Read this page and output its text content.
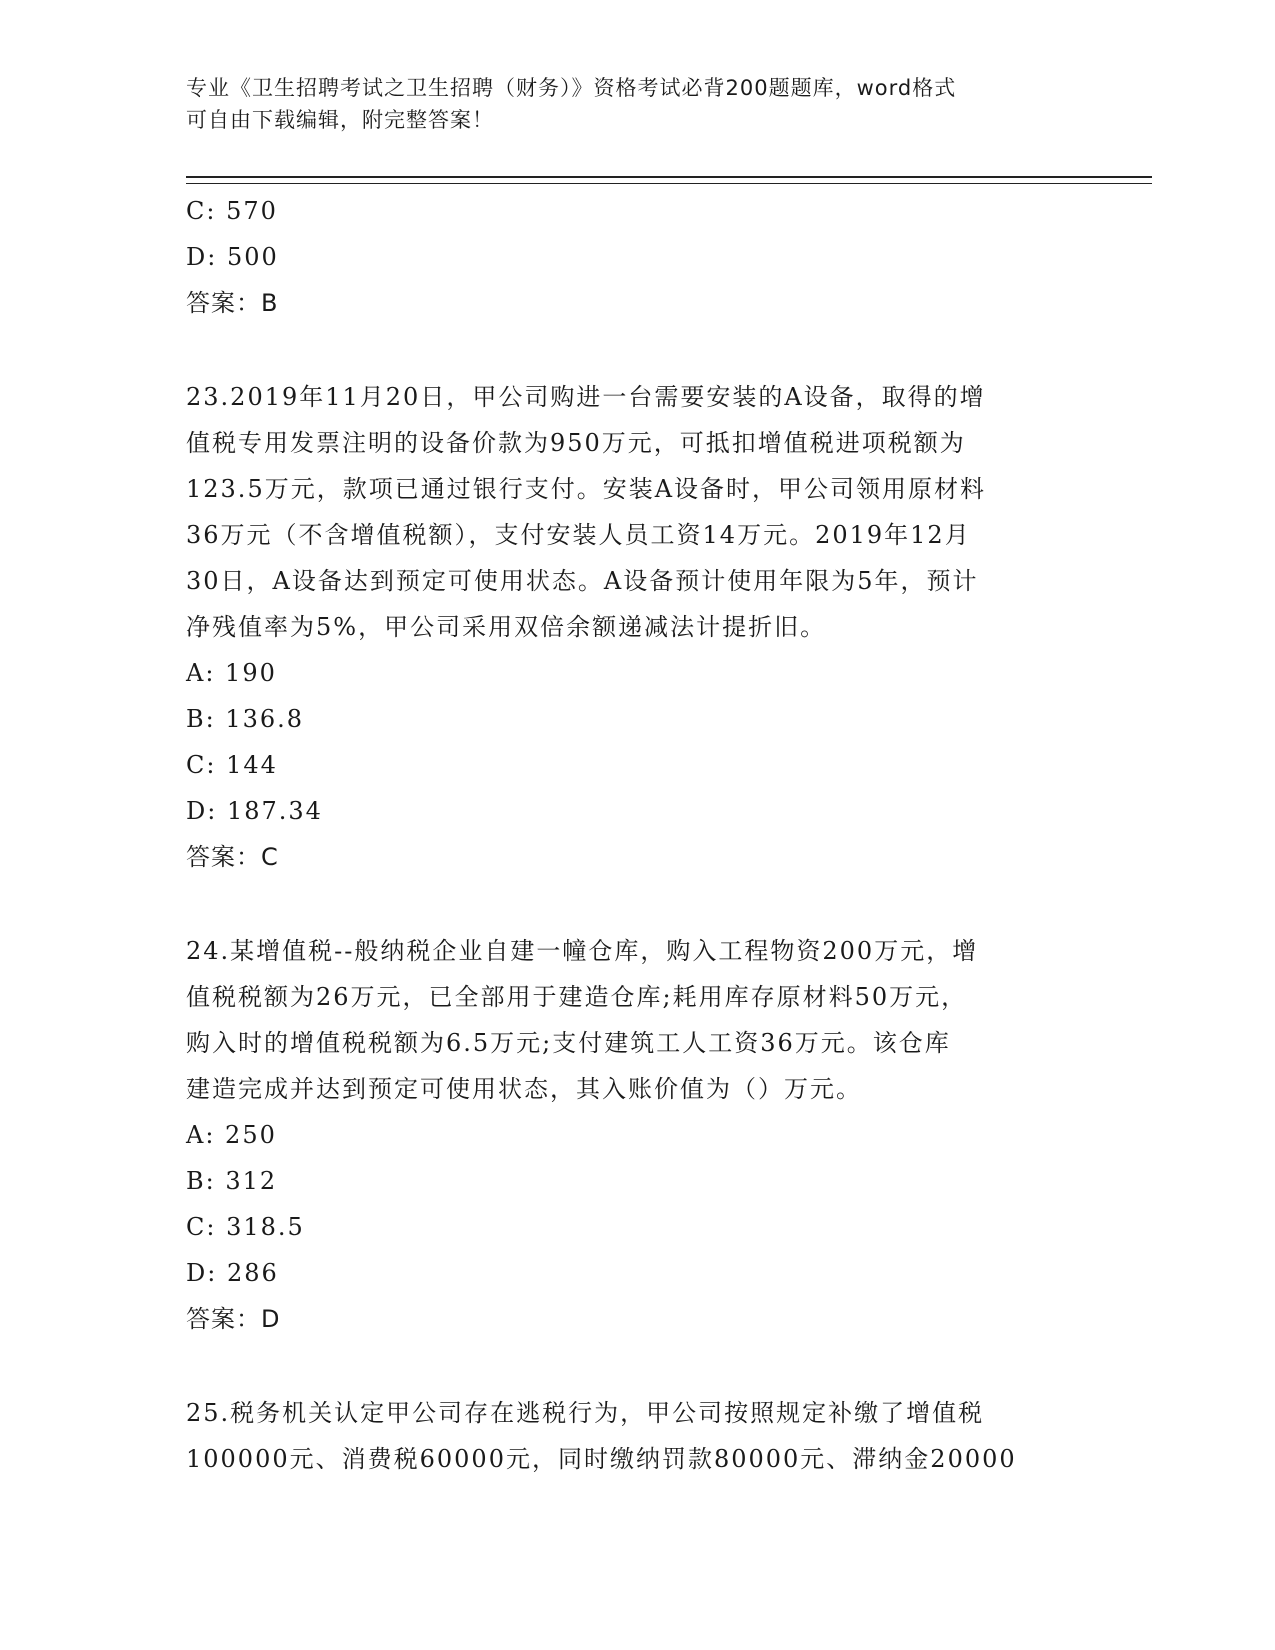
专业《卫生招聘考试之卫生招聘（财务）》资格考试必背200题题库，word格式
可自由下载编辑，附完整答案！
C: 570
D: 500
答案：B
23.2019年11月20日，甲公司购进一台需要安装的A设备，取得的增
值税专用发票注明的设备价款为950万元，可抵扣增值税进项税额为
123.5万元，款项已通过银行支付。安装A设备时，甲公司领用原材料
36万元（不含增值税额），支付安装人员工资14万元。2019年12月
30日，A设备达到预定可使用状态。A设备预计使用年限为5年，预计
净残值率为5%，甲公司采用双倍余额递减法计提折旧。
A: 190
B: 136.8
C: 144
D: 187.34
答案：C
24.某增值税--般纳税企业自建一幢仓库，购入工程物资200万元，增
值税税额为26万元，已全部用于建造仓库;耗用库存原材料50万元，
购入时的增值税税额为6.5万元;支付建筑工人工资36万元。该仓库
建造完成并达到预定可使用状态，其入账价值为（）万元。
A: 250
B: 312
C: 318.5
D: 286
答案：D
25.税务机关认定甲公司存在逃税行为，甲公司按照规定补缴了增值税
100000元、消费税60000元，同时缴纳罚款80000元、滞纳金20000
